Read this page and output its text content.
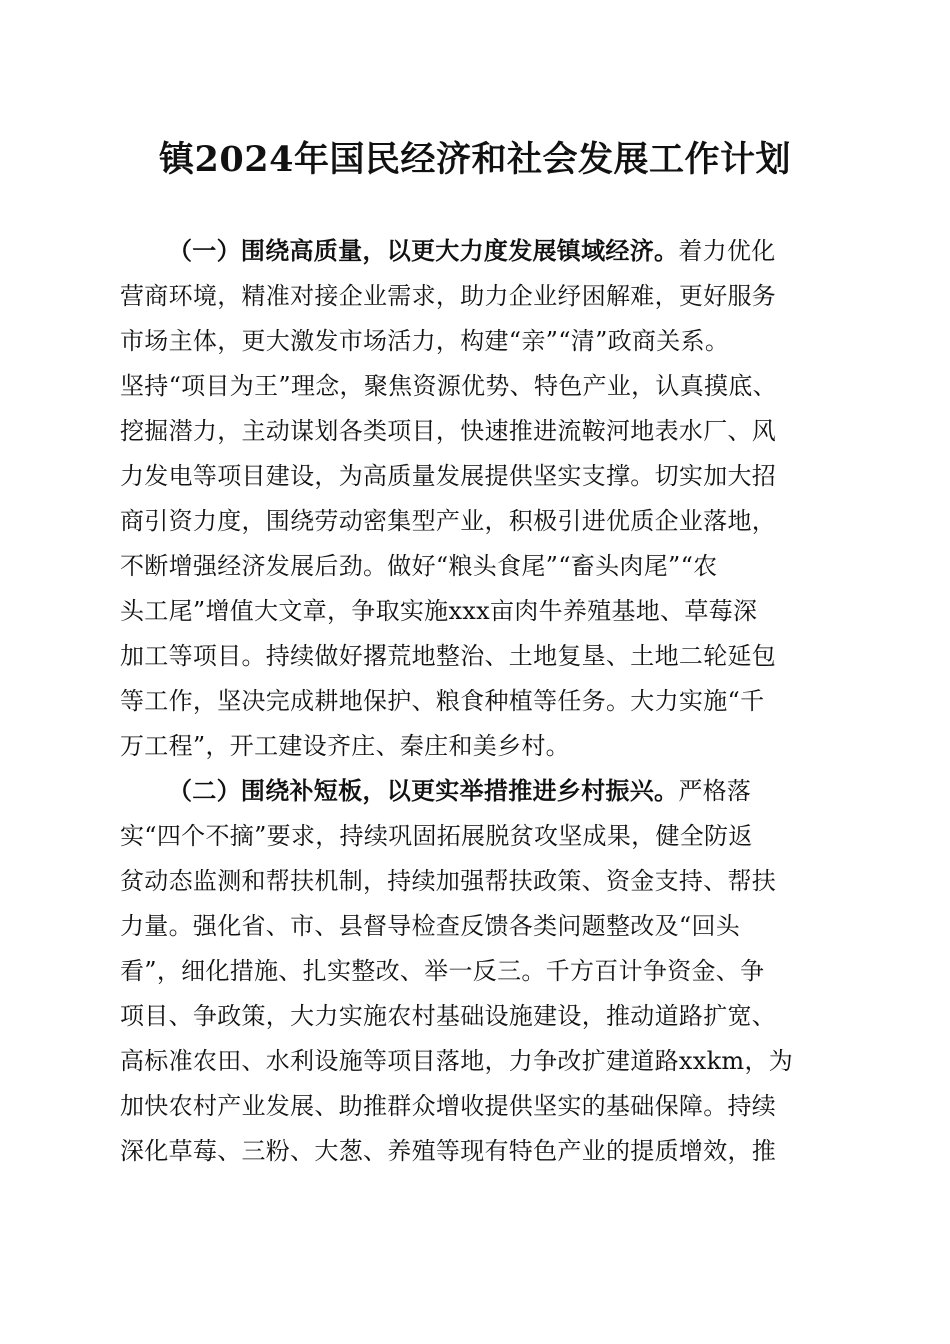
镇2024年国民经济和社会发展工作计划
（一）围绕高质量，以更大力度发展镇域经济。着力优化
营商环境，精准对接企业需求，助力企业纾困解难，更好服务
市场主体，更大激发市场活力，构建“亲”“清”政商关系。
坚持“项目为王”理念，聚焦资源优势、特色产业，认真摸底、
挖掘潜力，主动谋划各类项目，快速推进流鞍河地表水厂、风
力发电等项目建设，为高质量发展提供坚实支撑。切实加大招
商引资力度，围绕劳动密集型产业，积极引进优质企业落地，
不断增强经济发展后劲。做好“粮头食尾”“畜头肉尾”“农
头工尾”增值大文章，争取实施xxx亩肉牛养殖基地、草莓深
加工等项目。持续做好撂荒地整治、土地复垦、土地二轮延包
等工作，坚决完成耕地保护、粮食种植等任务。大力实施“千
万工程”，开工建设齐庄、秦庄和美乡村。
（二）围绕补短板，以更实举措推进乡村振兴。严格落
实“四个不摘”要求，持续巩固拓展脱贫攻坚成果，健全防返
贫动态监测和帮扶机制，持续加强帮扶政策、资金支持、帮扶
力量。强化省、市、县督导检查反馈各类问题整改及“回头
看”，细化措施、扎实整改、举一反三。千方百计争资金、争
项目、争政策，大力实施农村基础设施建设，推动道路扩宽、
高标准农田、水利设施等项目落地，力争改扩建道路xxkm，为
加快农村产业发展、助推群众增收提供坚实的基础保障。持续
深化草莓、三粉、大葱、养殖等现有特色产业的提质增效，推
